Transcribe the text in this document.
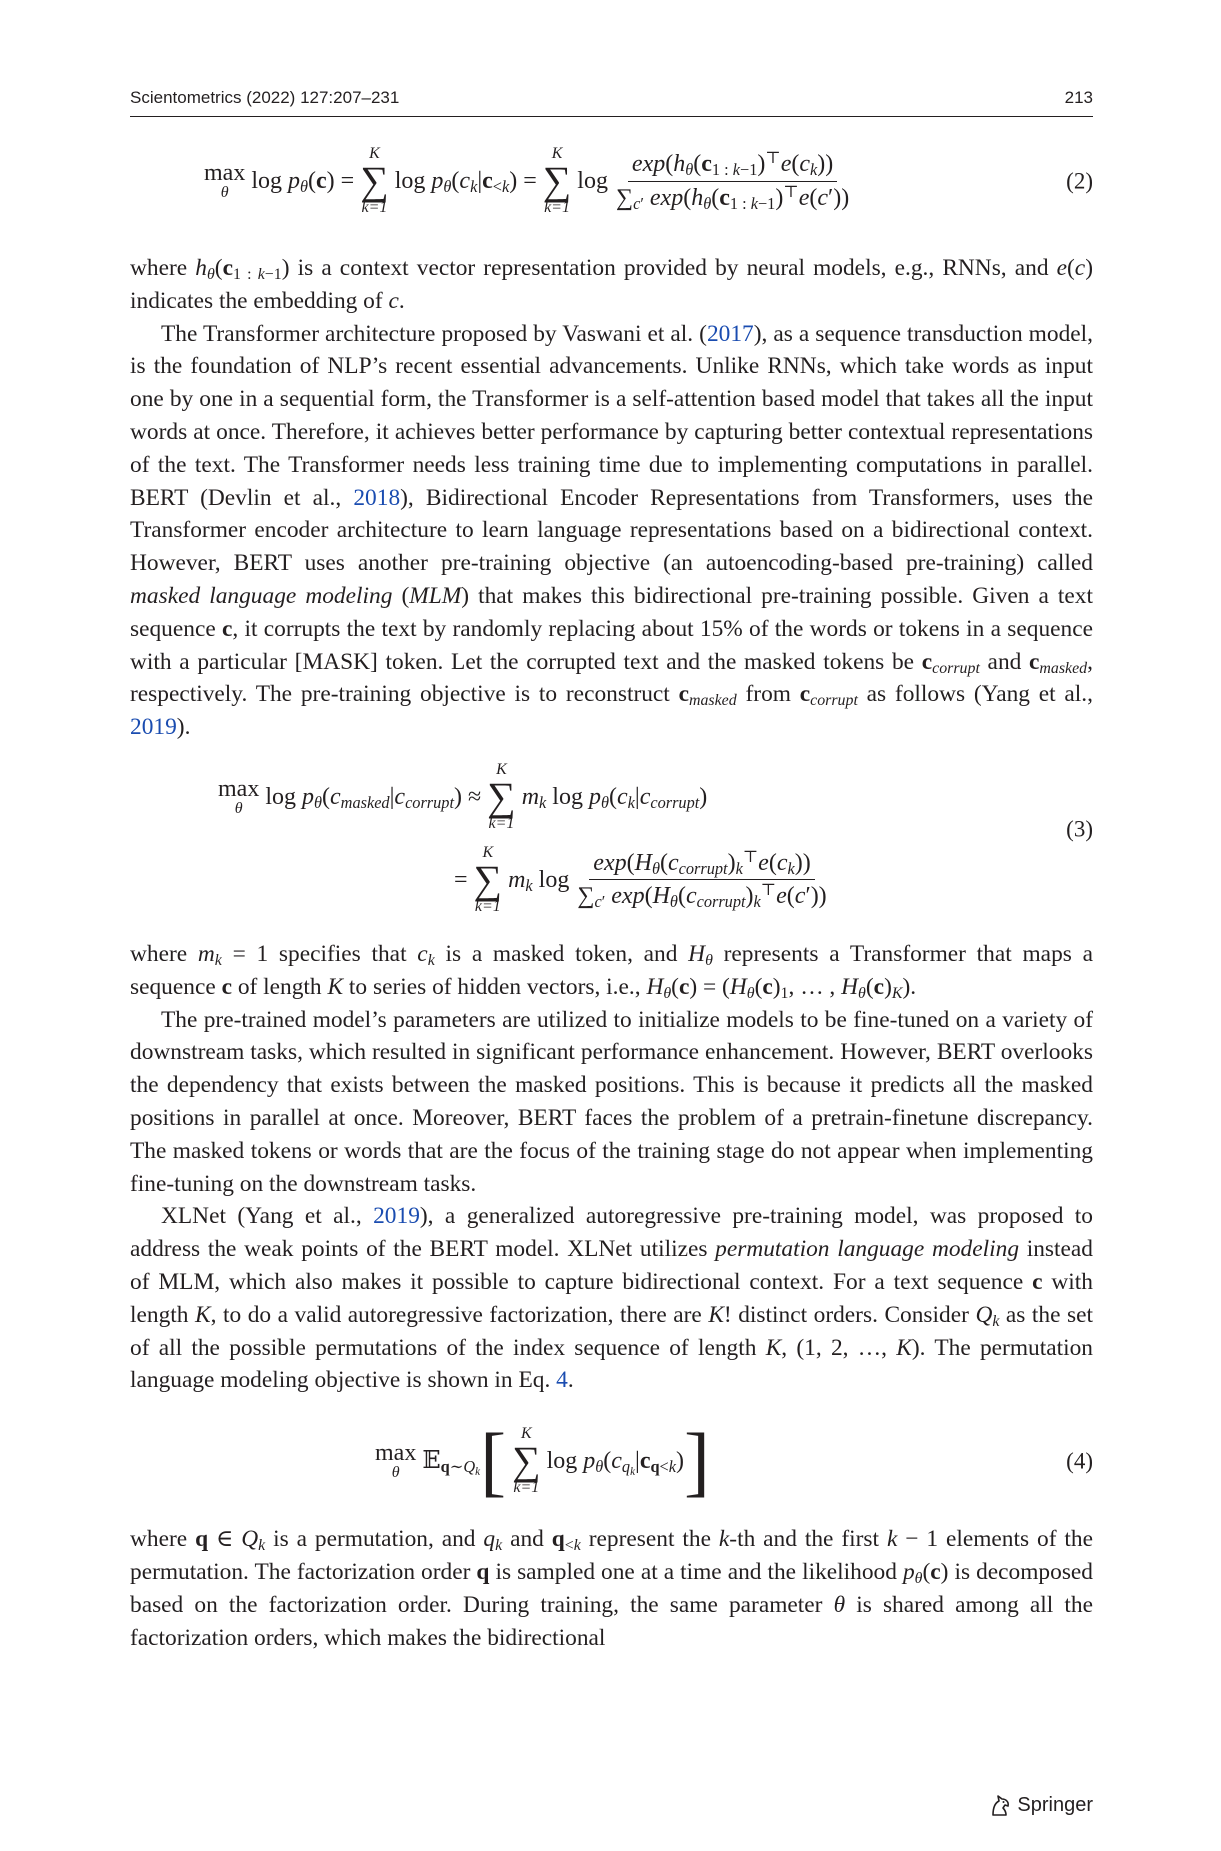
Scientometrics (2022) 127:207–231	213
max
θ $\log p_\theta(c)$ =
K
∑
k=1
$\log p_\theta(c_k|c_{<k})$ =
K
∑
k=1
$\log \frac{\exp(h_\theta(c_{1 : k-1})^⊤e(c_k))}{\sum_{c'} \exp(h_\theta(c_{1 : k-1})^⊤e(c'))}$	(2)

where $h_\theta(c_{1 : k-1})$ is a context vector representation provided by neural models, e.g., RNNs, and e(c) indicates the embedding of c.

The Transformer architecture proposed by Vaswani et al. (2017), as a sequence transduction model, is the foundation of NLP’s recent essential advancements. Unlike RNNs, which take words as input one by one in a sequential form, the Transformer is a self-attention based model that takes all the input words at once. Therefore, it achieves better performance by capturing better contextual representations of the text. The Transformer needs less training time due to implementing computations in parallel. BERT (Devlin et al., 2018), Bidirectional Encoder Representations from Transformers, uses the Transformer encoder architecture to learn language representations based on a bidirectional context. However, BERT uses another pre-training objective (an autoencoding-based pre-training) called masked language modeling (MLM) that makes this bidirectional pre-training possible. Given a text sequence c, it corrupts the text by randomly replacing about 15% of the words or tokens in a sequence with a particular [MASK] token. Let the corrupted text and the masked tokens be $c_{corrupt}$ and $c_{masked}$, respectively. The pre-training objective is to reconstruct $c_{masked}$ from $c_{corrupt}$ as follows (Yang et al., 2019).

max
θ $\log p_\theta(c_{masked}|c_{corrupt})$ ≈
K
∑
k=1
$m_k$ $\log p_\theta(c_k|c_{corrupt})$
=
K
∑
k=1
$m_k$ $\log \frac{\exp(H_\theta(c_{corrupt})_k^⊤e(c_k))}{\sum_{c'} \exp(H_\theta(c_{corrupt})_k^⊤e(c'))}$
(3)

where $m_k = 1$ specifies that $c_k$ is a masked token, and $H_\theta$ represents a Transformer that maps a sequence c of length K to series of hidden vectors, i.e., $H_\theta(c) = (H_\theta(c)_1$, … , $H_\theta(c)_K$).

The pre-trained model’s parameters are utilized to initialize models to be fine-tuned on a variety of downstream tasks, which resulted in significant performance enhancement. However, BERT overlooks the dependency that exists between the masked positions. This is because it predicts all the masked positions in parallel at once. Moreover, BERT faces the problem of a pretrain-finetune discrepancy. The masked tokens or words that are the focus of the training stage do not appear when implementing fine-tuning on the downstream tasks.

XLNet (Yang et al., 2019), a generalized autoregressive pre-training model, was proposed to address the weak points of the BERT model. XLNet utilizes permutation language modeling instead of MLM, which also makes it possible to capture bidirectional context. For a text sequence c with length K, to do a valid autoregressive factorization, there are K! distinct orders. Consider $Q_k$ as the set of all the possible permutations of the index sequence of length K, (1, 2, …, K). The permutation language modeling objective is shown in Eq. 4.

max
θ 𝔼$_{q\sim Q_k}$ [ K
∑
k=1
$\log p_\theta(c_{q_k}|c_{q<k})$ ]	(4)

where q ∈ $Q_k$ is a permutation, and $q_k$ and $q_{<k}$ represent the k-th and the first k − 1 elements of the permutation. The factorization order q is sampled one at a time and the likelihood $p_\theta(c)$ is decomposed based on the factorization order. During training, the same parameter θ is shared among all the factorization orders, which makes the bidirectional

Springer
